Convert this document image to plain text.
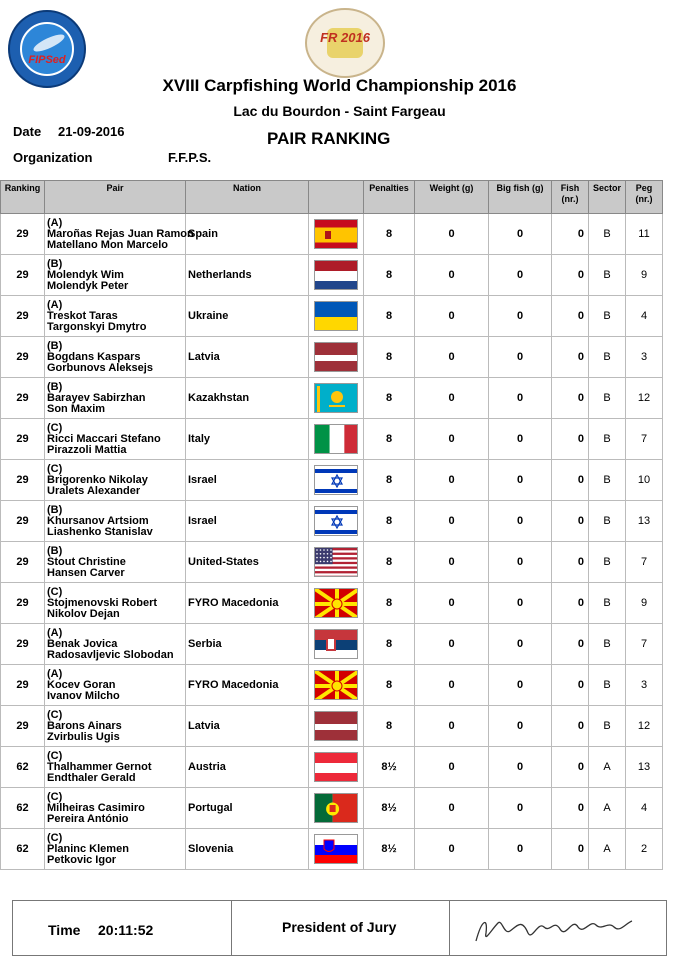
FIPSed
FR 2016
XVIII Carpfishing World Championship 2016
Lac du Bourdon - Saint Fargeau
Date 21-09-2016
Organization	F.F.P.S.
PAIR RANKING
Ranking	Pair	Nation		Penalties	Weight (g)	Big fish (g)	Fish (nr.)	Sector	Peg (nr.)
29	(A)
Maroñas Rejas Juan Ramon
Matellano Mon Marcelo	Spain		8	0	0	0	B	11
29	(B)
Molendyk Wim
Molendyk Peter	Netherlands		8	0	0	0	B	9
29	(A)
Treskot Taras
Targonskyi Dmytro	Ukraine		8	0	0	0	B	4
29	(B)
Bogdans Kaspars
Gorbunovs Aleksejs	Latvia		8	0	0	0	B	3
29	(B)
Barayev Sabirzhan
Son Maxim	Kazakhstan		8	0	0	0	B	12
29	(C)
Ricci Maccari Stefano
Pirazzoli Mattia	Italy		8	0	0	0	B	7
29	(C)
Brigorenko Nikolay
Uralets Alexander	Israel		8	0	0	0	B	10
29	(B)
Khursanov Artsiom
Liashenko Stanislav	Israel		8	0	0	0	B	13
29	(B)
Stout Christine
Hansen Carver	United-States		8	0	0	0	B	7
29	(C)
Stojmenovski Robert
Nikolov Dejan	FYRO Macedonia		8	0	0	0	B	9
29	(A)
Benak Jovica
Radosavljevic Slobodan	Serbia		8	0	0	0	B	7
29	(A)
Kocev Goran
Ivanov Milcho	FYRO Macedonia		8	0	0	0	B	3
29	(C)
Barons Ainars
Zvirbulis Ugis	Latvia		8	0	0	0	B	12
62	(C)
Thalhammer Gernot
Endthaler Gerald	Austria		8½	0	0	0	A	13
62	(C)
Milheiras Casimiro
Pereira António	Portugal		8½	0	0	0	A	4
62	(C)
Planinc Klemen
Petkovic Igor	Slovenia		8½	0	0	0	A	2
Time 20:11:52	President of Jury
